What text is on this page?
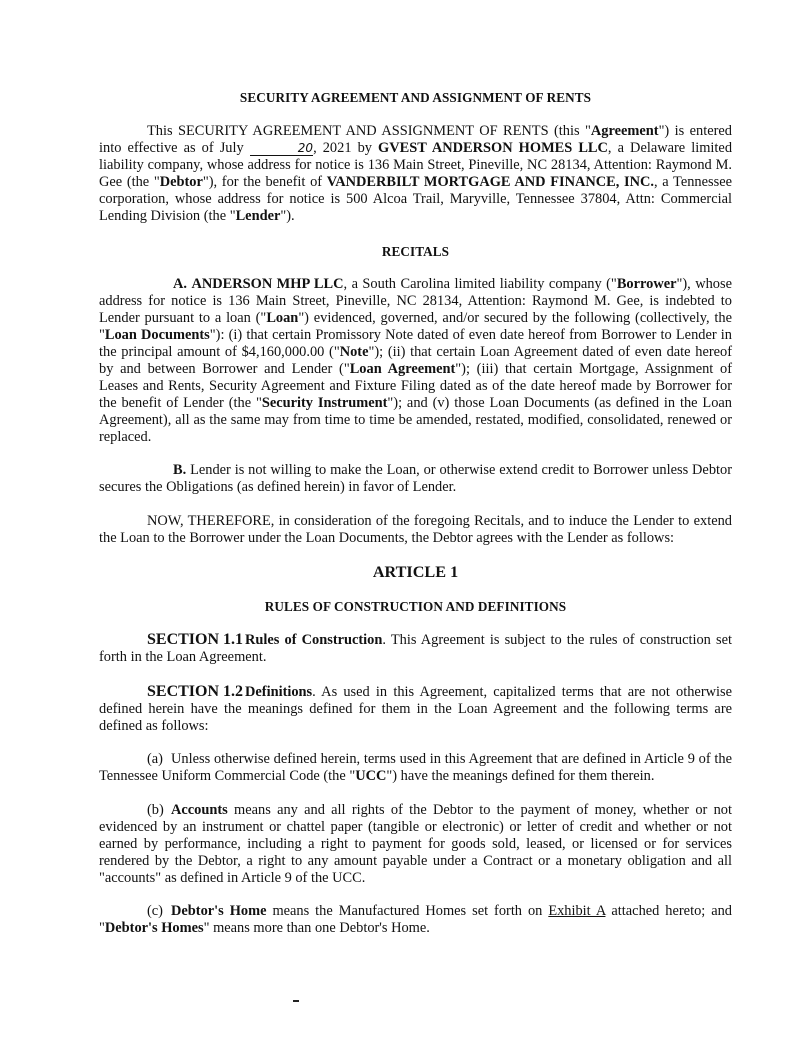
SECURITY AGREEMENT AND ASSIGNMENT OF RENTS

This SECURITY AGREEMENT AND ASSIGNMENT OF RENTS (this "Agreement") is entered into effective as of July	20, 2021 by GVEST ANDERSON HOMES LLC, a Delaware limited liability company, whose address for notice is 136 Main Street, Pineville, NC 28134, Attention: Raymond M. Gee (the "Debtor"), for the benefit of VANDERBILT MORTGAGE AND FINANCE, INC., a Tennessee corporation, whose address for notice is 500 Alcoa Trail, Maryville, Tennessee 37804, Attn: Commercial Lending Division (the "Lender").

RECITALS

A. ANDERSON MHP LLC, a South Carolina limited liability company ("Borrower"), whose address for notice is 136 Main Street, Pineville, NC 28134, Attention: Raymond M. Gee, is indebted to Lender pursuant to a loan ("Loan") evidenced, governed, and/or secured by the following (collectively, the "Loan Documents"): (i) that certain Promissory Note dated of even date hereof from Borrower to Lender in the principal amount of $4,160,000.00 ("Note"); (ii) that certain Loan Agreement dated of even date hereof by and between Borrower and Lender ("Loan Agreement"); (iii) that certain Mortgage, Assignment of Leases and Rents, Security Agreement and Fixture Filing dated as of the date hereof made by Borrower for the benefit of Lender (the "Security Instrument"); and (v) those Loan Documents (as defined in the Loan Agreement), all as the same may from time to time be amended, restated, modified, consolidated, renewed or replaced.

B. Lender is not willing to make the Loan, or otherwise extend credit to Borrower unless Debtor secures the Obligations (as defined herein) in favor of Lender.

NOW, THEREFORE, in consideration of the foregoing Recitals, and to induce the Lender to extend the Loan to the Borrower under the Loan Documents, the Debtor agrees with the Lender as follows:

ARTICLE 1

RULES OF CONSTRUCTION AND DEFINITIONS

SECTION 1.1 Rules of Construction. This Agreement is subject to the rules of construction set forth in the Loan Agreement.

SECTION 1.2 Definitions. As used in this Agreement, capitalized terms that are not otherwise defined herein have the meanings defined for them in the Loan Agreement and the following terms are defined as follows:

(a) Unless otherwise defined herein, terms used in this Agreement that are defined in Article 9 of the Tennessee Uniform Commercial Code (the "UCC") have the meanings defined for them therein.

(b) Accounts means any and all rights of the Debtor to the payment of money, whether or not evidenced by an instrument or chattel paper (tangible or electronic) or letter of credit and whether or not earned by performance, including a right to payment for goods sold, leased, or licensed or for services rendered by the Debtor, a right to any amount payable under a Contract or a monetary obligation and all "accounts" as defined in Article 9 of the UCC.

(c) Debtor's Home means the Manufactured Homes set forth on Exhibit A attached hereto; and "Debtor's Homes" means more than one Debtor's Home.
